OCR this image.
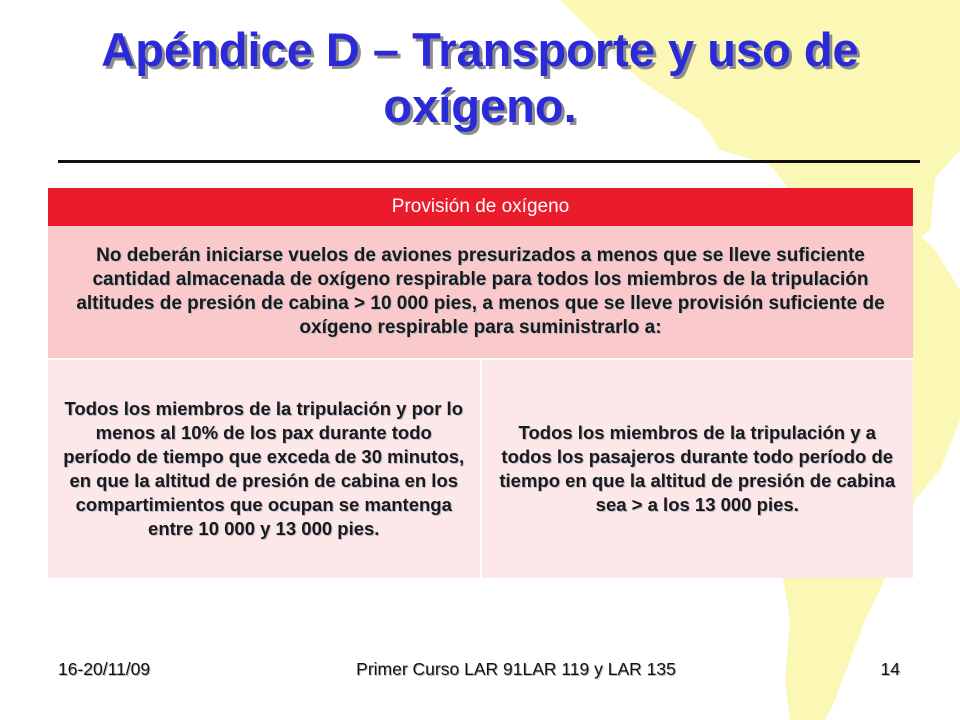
Apéndice D – Transporte y uso de oxígeno.
Provisión de oxígeno
No deberán iniciarse vuelos de aviones presurizados a menos que se lleve suficiente cantidad almacenada de oxígeno respirable para todos los miembros de la tripulación altitudes de presión de cabina > 10 000 pies, a menos que se lleve provisión suficiente de oxígeno respirable para suministrarlo a:
Todos los miembros de la tripulación y por lo menos al 10% de los pax durante todo período de tiempo que exceda de 30 minutos, en que la altitud de presión de cabina en los compartimientos que ocupan se mantenga entre 10 000 y 13 000 pies.	Todos los miembros de la tripulación y a todos los pasajeros durante todo período de tiempo en que la altitud de presión de cabina sea > a los 13 000 pies.
16-20/11/09	Primer Curso LAR 91LAR 119 y LAR 135	14
